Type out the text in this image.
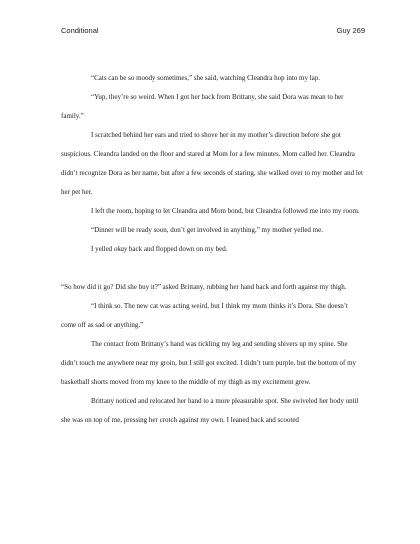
Conditional	Guy 269

“Cats can be so moody sometimes,” she said, watching Cleandra hop into my lap.

“Yup, they’re so weird. When I got her back from Brittany, she said Dora was mean to her family.”

I scratched behind her ears and tried to shove her in my mother’s direction before she got suspicious. Cleandra landed on the floor and stared at Mom for a few minutes. Mom called her. Cleandra didn’t recognize Dora as her name, but after a few seconds of staring, she walked over to my mother and let her pet her.

I left the room, hoping to let Cleandra and Mom bond, but Cleandra followed me into my room.

“Dinner will be ready soon, don’t get involved in anything,” my mother yelled me.

I yelled okay back and flopped down on my bed.

“So how did it go? Did she buy it?” asked Brittany, rubbing her hand back and forth against my thigh.

“I think so. The new cat was acting weird, but I think my mom thinks it’s Dora. She doesn’t come off as sad or anything.”

The contact from Brittany’s hand was tickling my leg and sending shivers up my spine. She didn’t touch me anywhere near my groin, but I still got excited. I didn’t turn purple, but the bottom of my basketball shorts moved from my knee to the middle of my thigh as my excitement grew.

Brittany noticed and relocated her hand to a more pleasurable spot. She swiveled her body until she was on top of me, pressing her crotch against my own. I leaned back and scooted
